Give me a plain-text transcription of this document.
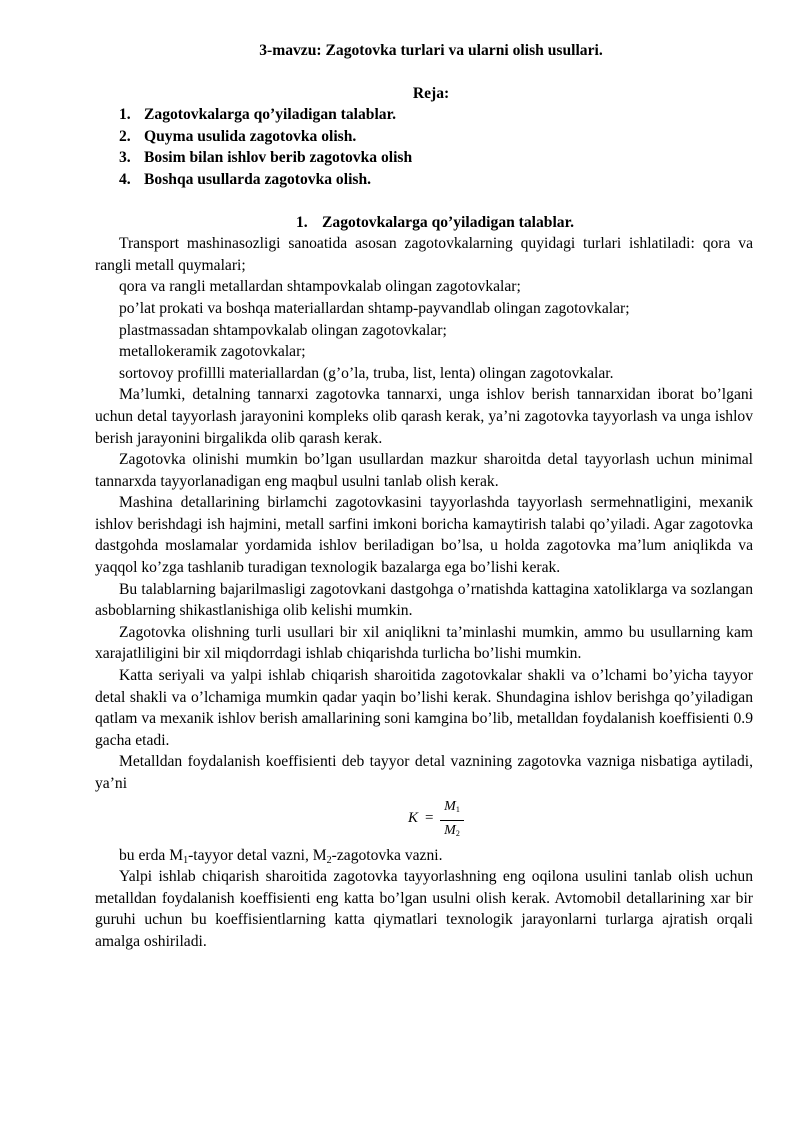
3-mavzu: Zagotovka turlari va ularni olish usullari.

Reja:

1. Zagotovkalarga qo’yiladigan talablar.
2. Quyma usulida zagotovka olish.
3. Bosim bilan ishlov berib zagotovka olish
4. Boshqa usullarda zagotovka olish.

1. Zagotovkalarga qo’yiladigan talablar.

Transport mashinasozligi sanoatida asosan zagotovkalarning quyidagi turlari ishlatiladi: qora va rangli metall quymalari;

qora va rangli metallardan shtampovkalab olingan zagotovkalar;

po’lat prokati va boshqa materiallardan shtamp-payvandlab olingan zagotovkalar;

plastmassadan shtampovkalab olingan zagotovkalar;

metallokeramik zagotovkalar;

sortovoy profillli materiallardan (g’o’la, truba, list, lenta) olingan zagotovkalar.

Ma’lumki, detalning tannarxi zagotovka tannarxi, unga ishlov berish tannarxidan iborat bo’lgani uchun detal tayyorlash jarayonini kompleks olib qarash kerak, ya’ni zagotovka tayyorlash va unga ishlov berish jarayonini birgalikda olib qarash kerak.

Zagotovka olinishi mumkin bo’lgan usullardan mazkur sharoitda detal tayyorlash uchun minimal tannarxda tayyorlanadigan eng maqbul usulni tanlab olish kerak.

Mashina detallarining birlamchi zagotovkasini tayyorlashda tayyorlash sermehnatligini, mexanik ishlov berishdagi ish hajmini, metall sarfini imkoni boricha kamaytirish talabi qo’yiladi. Agar zagotovka dastgohda moslamalar yordamida ishlov beriladigan bo’lsa, u holda zagotovka ma’lum aniqlikda va yaqqol ko’zga tashlanib turadigan texnologik bazalarga ega bo’lishi kerak.

Bu talablarning bajarilmasligi zagotovkani dastgohga o’rnatishda kattagina xatoliklarga va sozlangan asboblarning shikastlanishiga olib kelishi mumkin.

Zagotovka olishning turli usullari bir xil aniqlikni ta’minlashi mumkin, ammo bu usullarning kam xarajatliligini bir xil miqdorrdagi ishlab chiqarishda turlicha bo’lishi mumkin.

Katta seriyali va yalpi ishlab chiqarish sharoitida zagotovkalar shakli va o’lchami bo’yicha tayyor detal shakli va o’lchamiga mumkin qadar yaqin bo’lishi kerak. Shundagina ishlov berishga qo’yiladigan qatlam va mexanik ishlov berish amallarining soni kamgina bo’lib, metalldan foydalanish koeffisienti 0.9 gacha etadi.

Metalldan foydalanish koeffisienti deb tayyor detal vaznining zagotovka vazniga nisbatiga aytiladi, ya’ni

K =
$M_1$
$M_2$

bu erda $M_1$-tayyor detal vazni, $M_2$-zagotovka vazni.

Yalpi ishlab chiqarish sharoitida zagotovka tayyorlashning eng oqilona usulini tanlab olish uchun metalldan foydalanish koeffisienti eng katta bo’lgan usulni olish kerak. Avtomobil detallarining xar bir guruhi uchun bu koeffisientlarning katta qiymatlari texnologik jarayonlarni turlarga ajratish orqali amalga oshiriladi.
